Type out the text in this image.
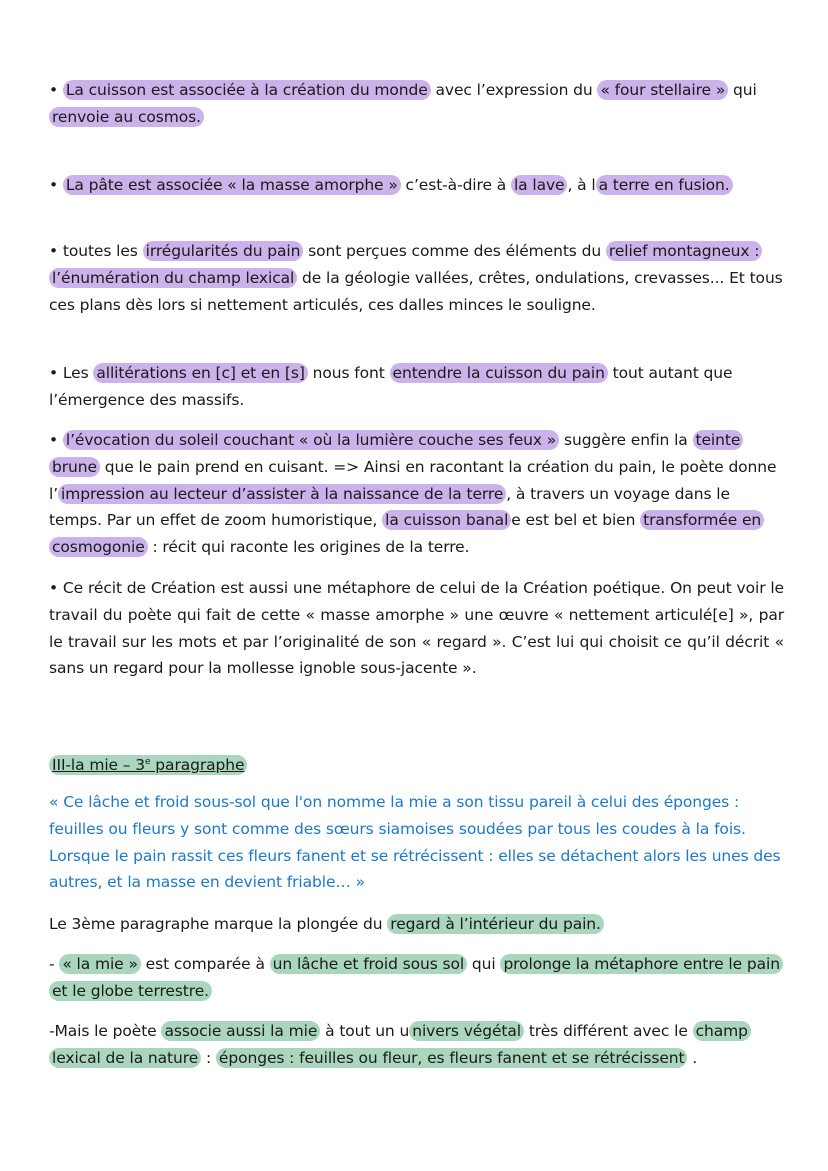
• La cuisson est associée à la création du monde avec l’expression du « four stellaire » qui renvoie au cosmos.

• La pâte est associée « la masse amorphe » c’est-à-dire à la lave , à l a terre en fusion.

• toutes les irrégularités du pain sont perçues comme des éléments du relief montagneux : l’énumération du champ lexical de la géologie vallées, crêtes, ondulations, crevasses... Et tous ces plans dès lors si nettement articulés, ces dalles minces le souligne.

• Les allitérations en [c] et en [s] nous font entendre la cuisson du pain tout autant que l’émergence des massifs.

• l’évocation du soleil couchant « où la lumière couche ses feux » suggère enfin la teinte brune que le pain prend en cuisant. => Ainsi en racontant la création du pain, le poète donne l’ impression au lecteur d’assister à la naissance de la terre , à travers un voyage dans le temps. Par un effet de zoom humoristique, la cuisson banal e est bel et bien transformée en cosmogonie : récit qui raconte les origines de la terre.

• Ce récit de Création est aussi une métaphore de celui de la Création poétique. On peut voir le travail du poète qui fait de cette « masse amorphe » une œuvre « nettement articulé[e] », par le travail sur les mots et par l’originalité de son « regard ». C’est lui qui choisit ce qu’il décrit « sans un regard pour la mollesse ignoble sous-jacente ».

III-la mie – 3e paragraphe

« Ce lâche et froid sous-sol que l'on nomme la mie a son tissu pareil à celui des éponges : feuilles ou fleurs y sont comme des sœurs siamoises soudées par tous les coudes à la fois. Lorsque le pain rassit ces fleurs fanent et se rétrécissent : elles se détachent alors les unes des autres, et la masse en devient friable… »

Le 3ème paragraphe marque la plongée du regard à l’intérieur du pain.

- « la mie » est comparée à un lâche et froid sous sol qui prolonge la métaphore entre le pain et le globe terrestre.

-Mais le poète associe aussi la mie à tout un u nivers végétal très différent avec le champ lexical de la nature : éponges : feuilles ou fleur, es fleurs fanent et se rétrécissent .
